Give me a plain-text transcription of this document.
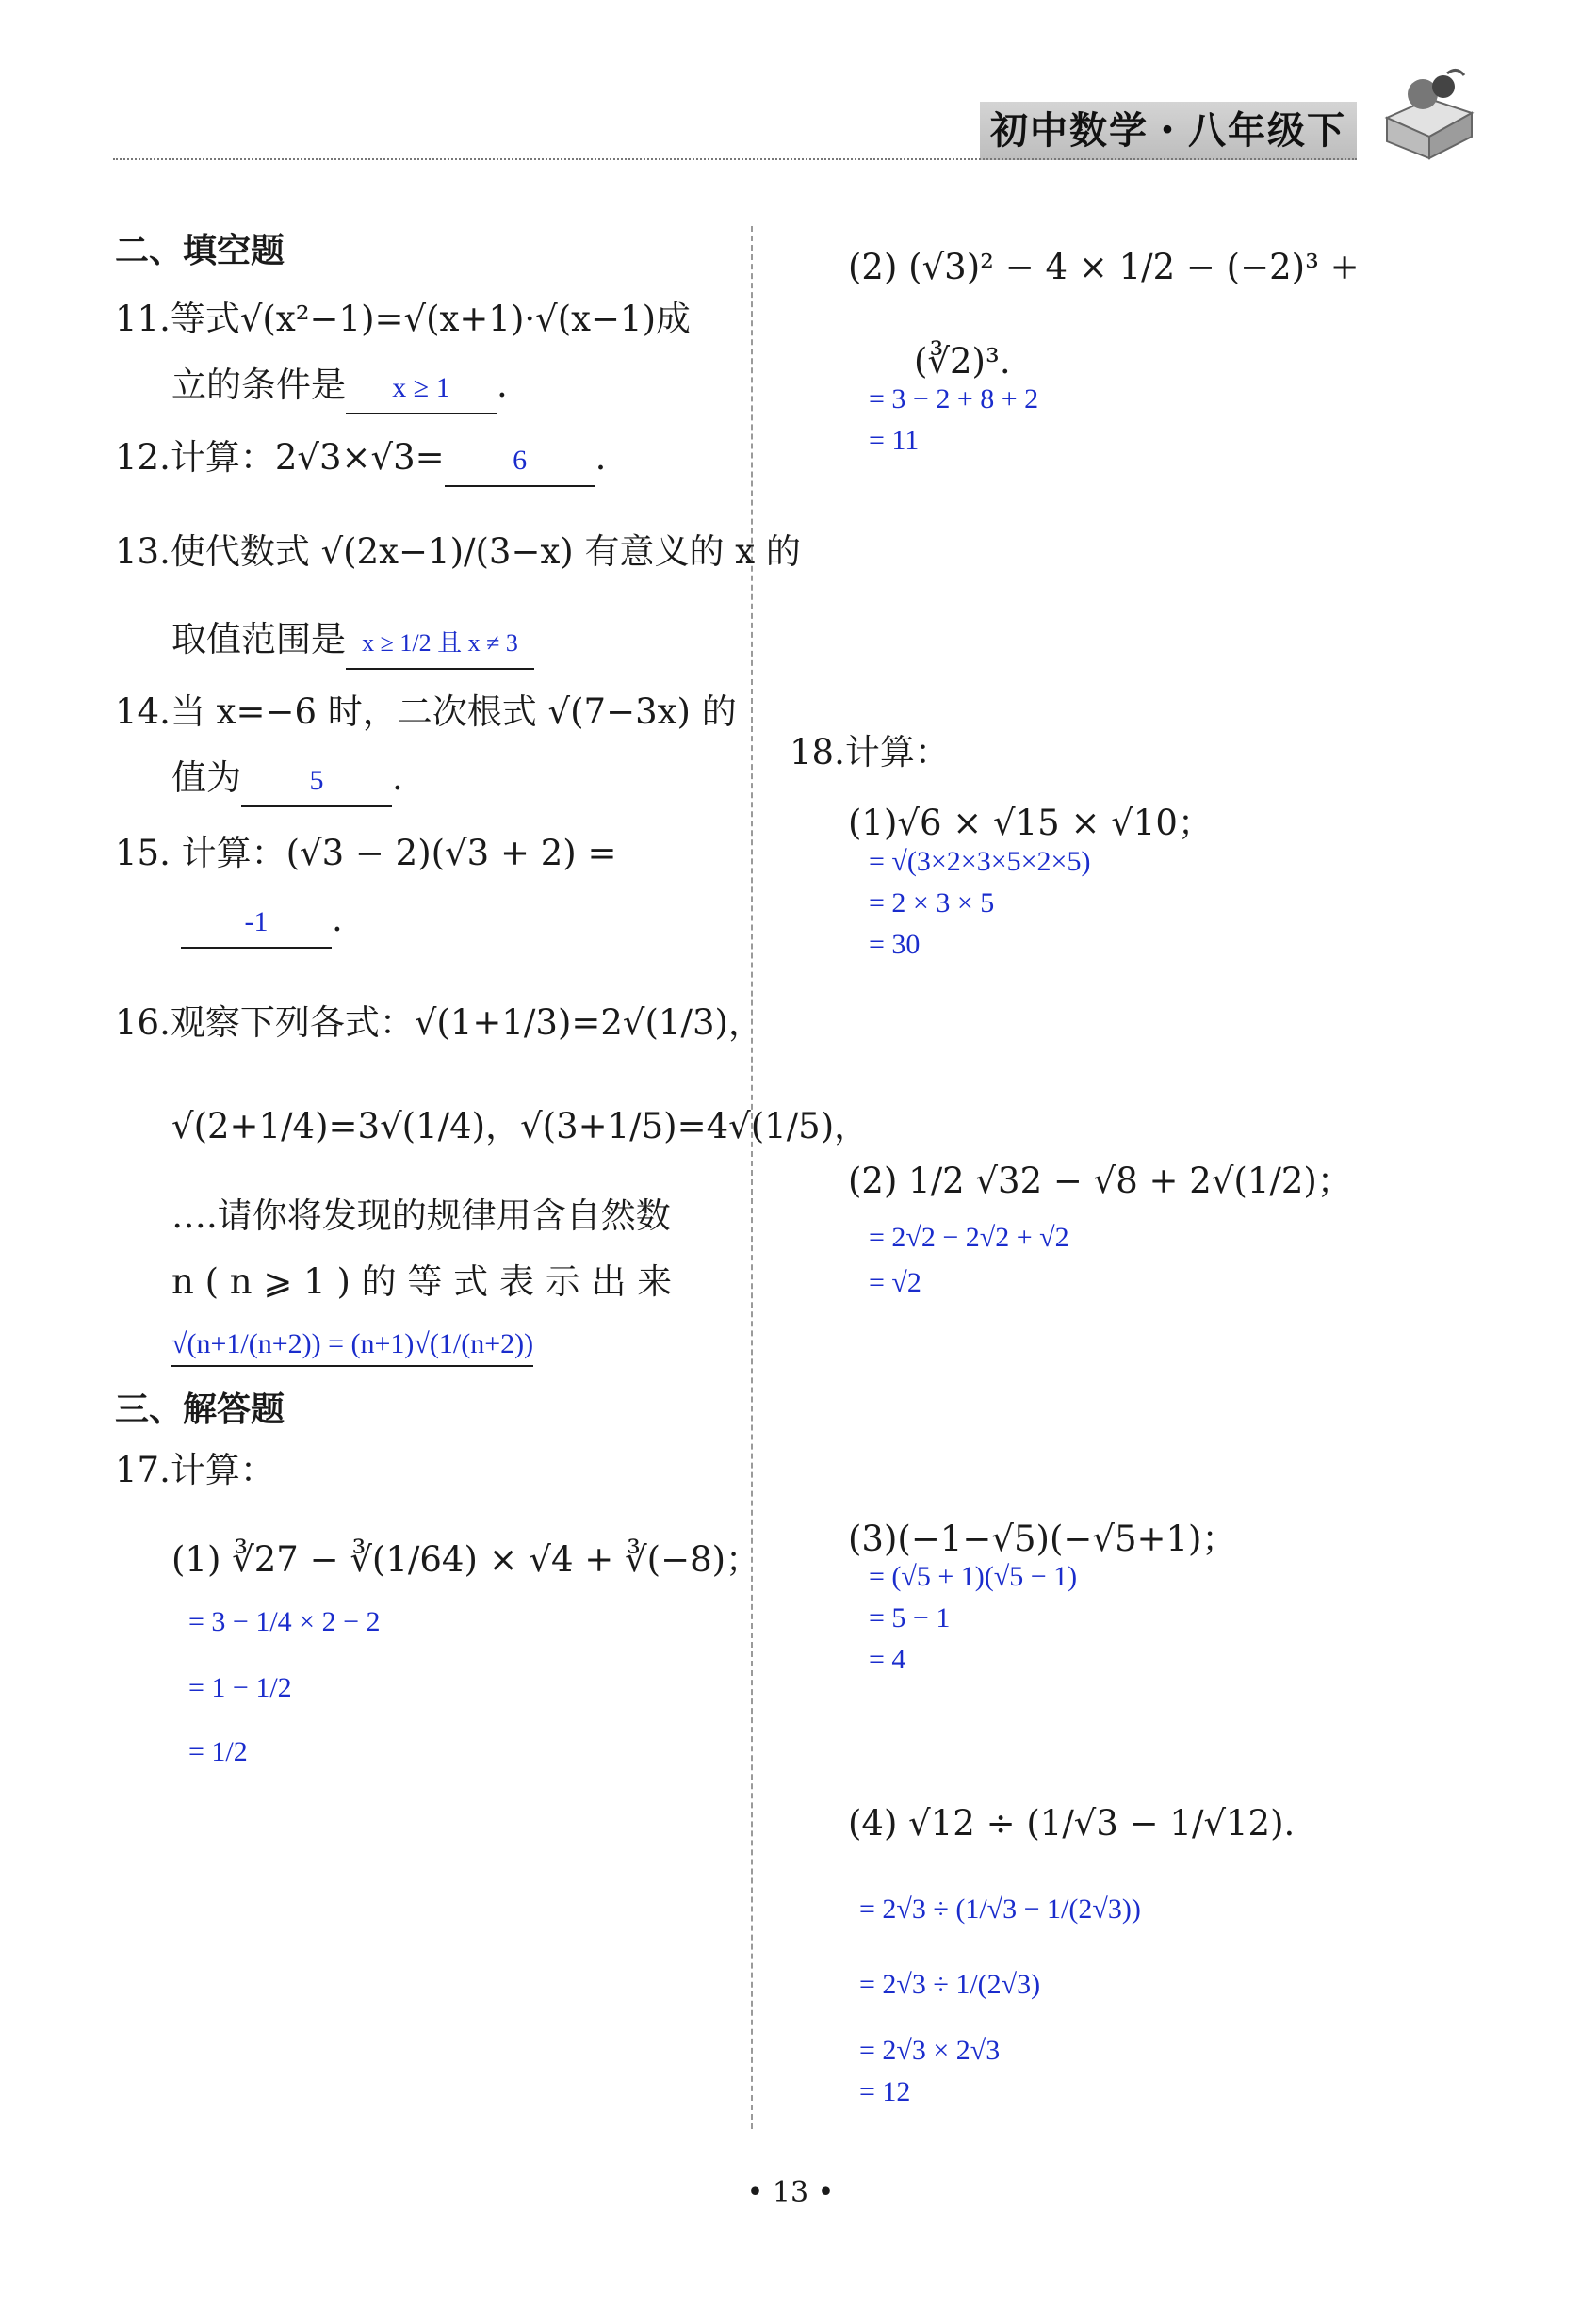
初中数学・八年级下
二、填空题
11.等式√(x²−1)=√(x+1)·√(x−1)成
立的条件是 x ≥ 1 .
12.计算：2√3×√3= 6 .
13.使代数式 √(2x−1)/(3−x) 有意义的 x 的
取值范围是 x ≥ 1/2 且 x ≠ 3
14.当 x=−6 时，二次根式 √(7−3x) 的
值为 5 .
15. 计算：(√3 − 2)(√3 + 2) =
-1 .
16.观察下列各式：√(1+1/3)=2√(1/3)，
√(2+1/4)=3√(1/4)，√(3+1/5)=4√(1/5)，
….请你将发现的规律用含自然数
n ( n ⩾ 1 ) 的 等 式 表 示 出 来
√(n+1/(n+2)) = (n+1)√(1/(n+2))
三、解答题
17.计算：
(1) ∛27 − ∛(1/64) × √4 + ∛(−8)；
= 3 − 1/4 × 2 − 2
= 1 − 1/2
= 1/2
(2) (√3)² − 4 × 1/2 − (−2)³ +
(∛2)³.
= 3 − 2 + 8 + 2
= 11
18.计算：
(1)√6 × √15 × √10；
= √(3×2×3×5×2×5)
= 2 × 3 × 5
= 30
(2) 1/2 √32 − √8 + 2√(1/2)；
= 2√2 − 2√2 + √2
= √2
(3)(−1−√5)(−√5+1)；
= (√5 + 1)(√5 − 1)
= 5 − 1
= 4
(4) √12 ÷ (1/√3 − 1/√12).
= 2√3 ÷ (1/√3 − 1/(2√3))
= 2√3 ÷ 1/(2√3)
= 2√3 × 2√3
= 12
• 13 •
